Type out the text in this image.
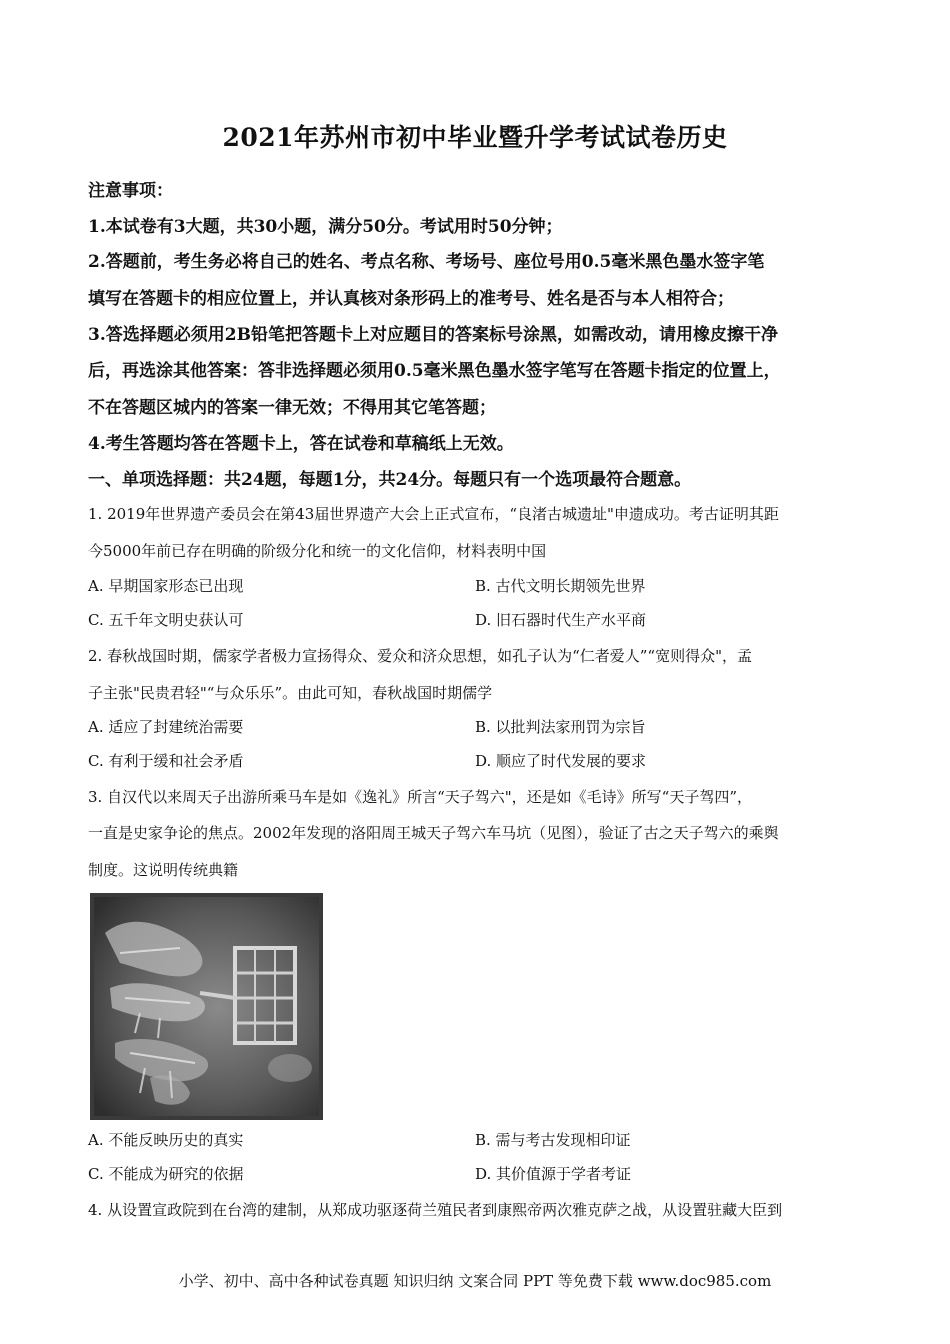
2021年苏州市初中毕业暨升学考试试卷历史
注意事项：
1.本试卷有3大题，共30小题，满分50分。考试用时50分钟；
2.答题前，考生务必将自己的姓名、考点名称、考场号、座位号用0.5毫米黑色墨水签字笔
填写在答题卡的相应位置上，并认真核对条形码上的准考号、姓名是否与本人相符合；
3.答选择题必须用2B铅笔把答题卡上对应题目的答案标号涂黑，如需改动，请用橡皮擦干净
后，再选涂其他答案：答非选择题必须用0.5毫米黑色墨水签字笔写在答题卡指定的位置上，
不在答题区城内的答案一律无效；不得用其它笔答题；
4.考生答题均答在答题卡上，答在试卷和草稿纸上无效。
一、单项选择题：共24题，每题1分，共24分。每题只有一个选项最符合题意。
1. 2019年世界遗产委员会在第43届世界遗产大会上正式宣布，“良渚古城遗址"申遗成功。考古证明其距
今5000年前已存在明确的阶级分化和统一的文化信仰，材料表明中国
A. 早期国家形态已出现	B. 古代文明长期领先世界
C. 五千年文明史获认可	D. 旧石器时代生产水平商
2. 春秋战国时期，儒家学者极力宣扬得众、爱众和济众思想，如孔子认为“仁者爱人”“宽则得众"，孟
子主张"民贵君轻"“与众乐乐”。由此可知，春秋战国时期儒学
A. 适应了封建统治需要	B. 以批判法家刑罚为宗旨
C. 有利于缓和社会矛盾	D. 顺应了时代发展的要求
3. 自汉代以来周天子出游所乘马车是如《逸礼》所言“天子驾六"，还是如《毛诗》所写“天子驾四”，
一直是史家争论的焦点。2002年发现的洛阳周王城天子驾六车马坑（见图），验证了古之天子驾六的乘舆
制度。这说明传统典籍
A. 不能反映历史的真实	B. 需与考古发现相印证
C. 不能成为研究的依据	D. 其价值源于学者考证
4. 从设置宣政院到在台湾的建制，从郑成功驱逐荷兰殖民者到康熙帝两次雅克萨之战，从设置驻藏大臣到
小学、初中、高中各种试卷真题 知识归纳 文案合同 PPT 等免费下载 www.doc985.com
